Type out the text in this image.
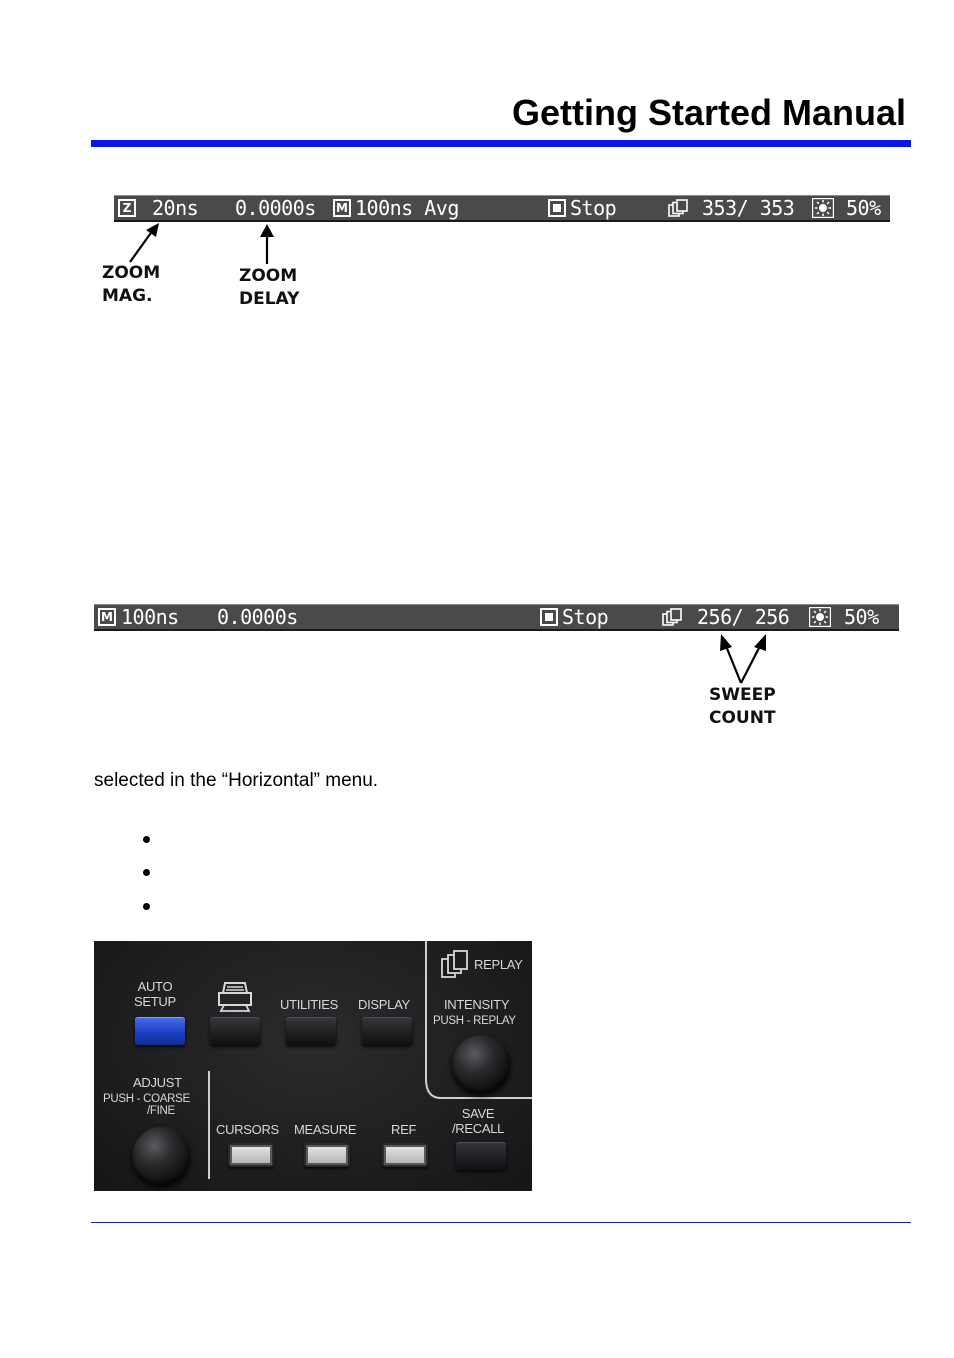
Getting Started Manual
Z 20ns 0.0000s M 100ns Avg	Stop	353/ 353	50%
ZOOM
MAG.
ZOOM
DELAY
M 100ns 0.0000s	Stop	256/ 256	50%
SWEEP
COUNT
selected in the “Horizontal” menu.
REPLAY
AUTO
SETUP	UTILITIES DISPLAY	INTENSITY
PUSH - REPLAY
ADJUST
PUSH - COARSE
/FINE
CURSORS MEASURE	REF
SAVE
/RECALL
